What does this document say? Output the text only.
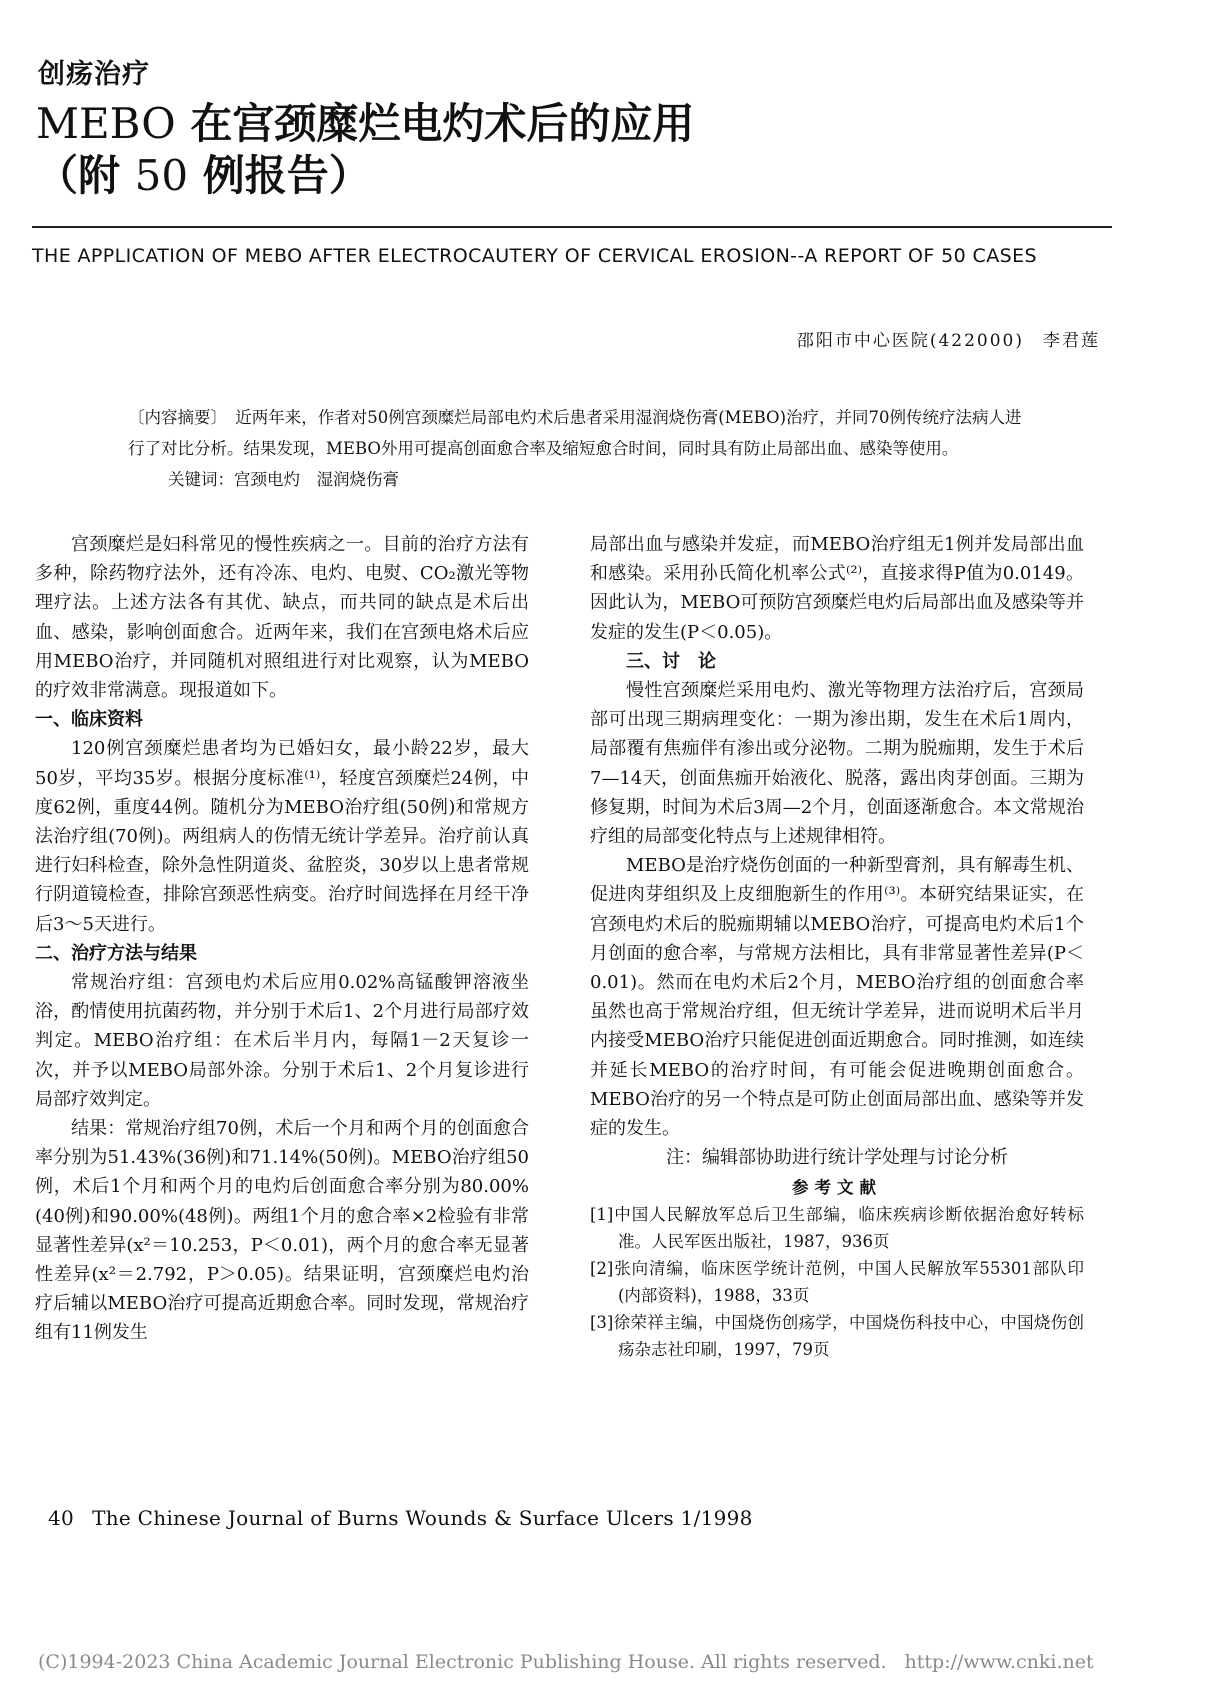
创疡治疗
MEBO 在宫颈糜烂电灼术后的应用
（附 50 例报告）
THE APPLICATION OF MEBO AFTER ELECTROCAUTERY OF CERVICAL EROSION--A REPORT OF 50 CASES
邵阳市中心医院(422000)　李君莲
〔内容摘要〕　 近两年来，作者对50例宫颈糜烂局部电灼术后患者采用湿润烧伤膏(MEBO)治疗，并同70例传统疗法病人进行了对比分析。结果发现，MEBO外用可提高创面愈合率及缩短愈合时间，同时具有防止局部出血、感染等使用。
关键词：宫颈电灼　湿润烧伤膏

宫颈糜烂是妇科常见的慢性疾病之一。目前的治疗方法有多种，除药物疗法外，还有冷冻、电灼、电熨、CO₂激光等物理疗法。上述方法各有其优、缺点，而共同的缺点是术后出血、感染，影响创面愈合。近两年来，我们在宫颈电烙术后应用MEBO治疗，并同随机对照组进行对比观察，认为MEBO的疗效非常满意。现报道如下。

一、临床资料

120例宫颈糜烂患者均为已婚妇女，最小龄22岁，最大50岁，平均35岁。根据分度标准⁽¹⁾，轻度宫颈糜烂24例，中度62例，重度44例。随机分为MEBO治疗组(50例)和常规方法治疗组(70例)。两组病人的伤情无统计学差异。治疗前认真进行妇科检查，除外急性阴道炎、盆腔炎，30岁以上患者常规行阴道镜检查，排除宫颈恶性病变。治疗时间选择在月经干净后3～5天进行。

二、治疗方法与结果

常规治疗组：宫颈电灼术后应用0.02%高锰酸钾溶液坐浴，酌情使用抗菌药物，并分别于术后1、2个月进行局部疗效判定。MEBO治疗组：在术后半月内，每隔1－2天复诊一次，并予以MEBO局部外涂。分别于术后1、2个月复诊进行局部疗效判定。

结果：常规治疗组70例，术后一个月和两个月的创面愈合率分别为51.43%(36例)和71.14%(50例)。MEBO治疗组50例，术后1个月和两个月的电灼后创面愈合率分别为80.00%(40例)和90.00%(48例)。两组1个月的愈合率×2检验有非常显著性差异(x²＝10.253，P＜0.01)，两个月的愈合率无显著性差异(x²＝2.792，P＞0.05)。结果证明，宫颈糜烂电灼治疗后辅以MEBO治疗可提高近期愈合率。同时发现，常规治疗组有11例发生

局部出血与感染并发症，而MEBO治疗组无1例并发局部出血和感染。采用孙氏简化机率公式⁽²⁾，直接求得P值为0.0149。因此认为，MEBO可预防宫颈糜烂电灼后局部出血及感染等并发症的发生(P＜0.05)。

三、讨　论

慢性宫颈糜烂采用电灼、激光等物理方法治疗后，宫颈局部可出现三期病理变化：一期为渗出期，发生在术后1周内，局部覆有焦痂伴有渗出或分泌物。二期为脱痂期，发生于术后7—14天，创面焦痂开始液化、脱落，露出肉芽创面。三期为修复期，时间为术后3周—2个月，创面逐渐愈合。本文常规治疗组的局部变化特点与上述规律相符。

MEBO是治疗烧伤创面的一种新型膏剂，具有解毒生机、促进肉芽组织及上皮细胞新生的作用⁽³⁾。本研究结果证实，在宫颈电灼术后的脱痂期辅以MEBO治疗，可提高电灼术后1个月创面的愈合率，与常规方法相比，具有非常显著性差异(P＜0.01)。然而在电灼术后2个月，MEBO治疗组的创面愈合率虽然也高于常规治疗组，但无统计学差异，进而说明术后半月内接受MEBO治疗只能促进创面近期愈合。同时推测，如连续并延长MEBO的治疗时间，有可能会促进晚期创面愈合。MEBO治疗的另一个特点是可防止创面局部出血、感染等并发症的发生。

注：编辑部协助进行统计学处理与讨论分析

参考文献
[1]中国人民解放军总后卫生部编，临床疾病诊断依据治愈好转标准。人民军医出版社，1987，936页
[2]张向清编，临床医学统计范例，中国人民解放军55301部队印(内部资料)，1988，33页
[3]徐荣祥主编，中国烧伤创疡学，中国烧伤科技中心，中国烧伤创疡杂志社印刷，1997，79页
40 The Chinese Journal of Burns Wounds & Surface Ulcers 1/1998
(C)1994-2023 China Academic Journal Electronic Publishing House. All rights reserved. http://www.cnki.net
